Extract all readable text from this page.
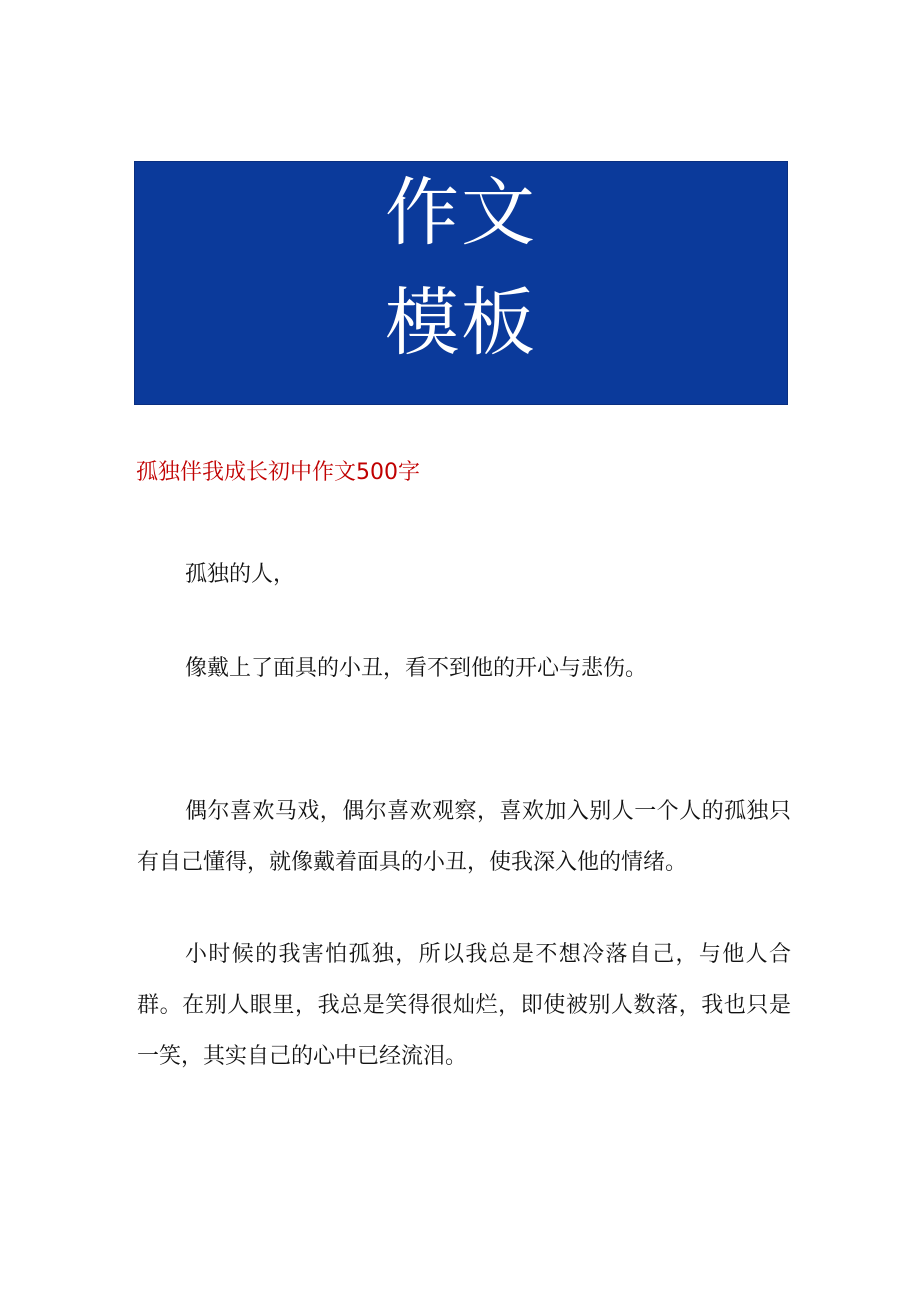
作文
模板
孤独伴我成长初中作文500字

孤独的人，

像戴上了面具的小丑，看不到他的开心与悲伤。

偶尔喜欢马戏，偶尔喜欢观察，喜欢加入别人一个人的孤独只有自己懂得，就像戴着面具的小丑，使我深入他的情绪。

小时候的我害怕孤独，所以我总是不想冷落自己，与他人合群。在别人眼里，我总是笑得很灿烂，即使被别人数落，我也只是一笑，其实自己的心中已经流泪。
